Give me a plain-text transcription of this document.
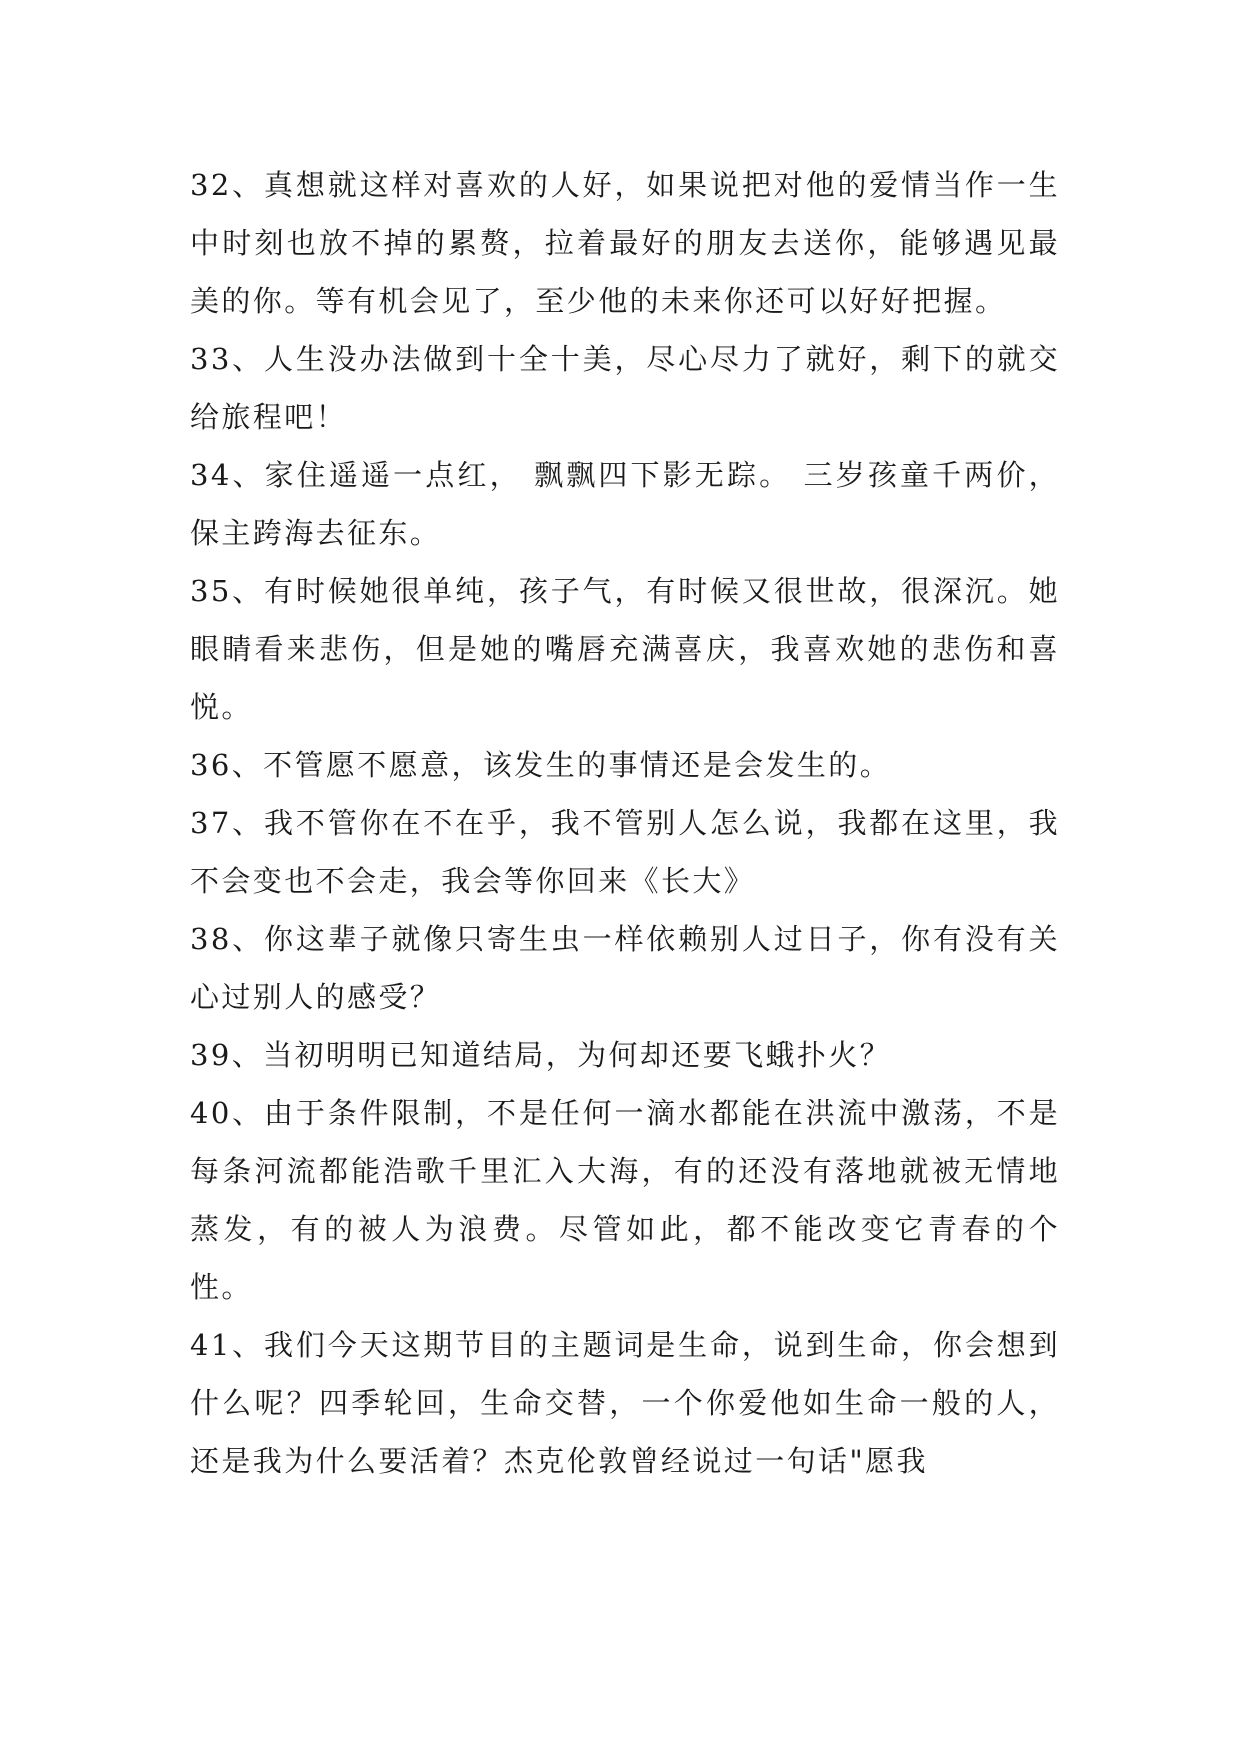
32、真想就这样对喜欢的人好，如果说把对他的爱情当作一生中时刻也放不掉的累赘，拉着最好的朋友去送你，能够遇见最美的你。等有机会见了，至少他的未来你还可以好好把握。

33、人生没办法做到十全十美，尽心尽力了就好，剩下的就交给旅程吧！

34、家住遥遥一点红， 飘飘四下影无踪。 三岁孩童千两价，保主跨海去征东。

35、有时候她很单纯，孩子气，有时候又很世故，很深沉。她眼睛看来悲伤，但是她的嘴唇充满喜庆，我喜欢她的悲伤和喜悦。

36、不管愿不愿意，该发生的事情还是会发生的。

37、我不管你在不在乎，我不管别人怎么说，我都在这里，我不会变也不会走，我会等你回来《长大》

38、你这辈子就像只寄生虫一样依赖别人过日子，你有没有关心过别人的感受？

39、当初明明已知道结局，为何却还要飞蛾扑火？

40、由于条件限制，不是任何一滴水都能在洪流中激荡，不是每条河流都能浩歌千里汇入大海，有的还没有落地就被无情地蒸发，有的被人为浪费。尽管如此，都不能改变它青春的个性。

41、我们今天这期节目的主题词是生命，说到生命，你会想到什么呢？四季轮回，生命交替，一个你爱他如生命一般的人，还是我为什么要活着？杰克伦敦曾经说过一句话"愿我
